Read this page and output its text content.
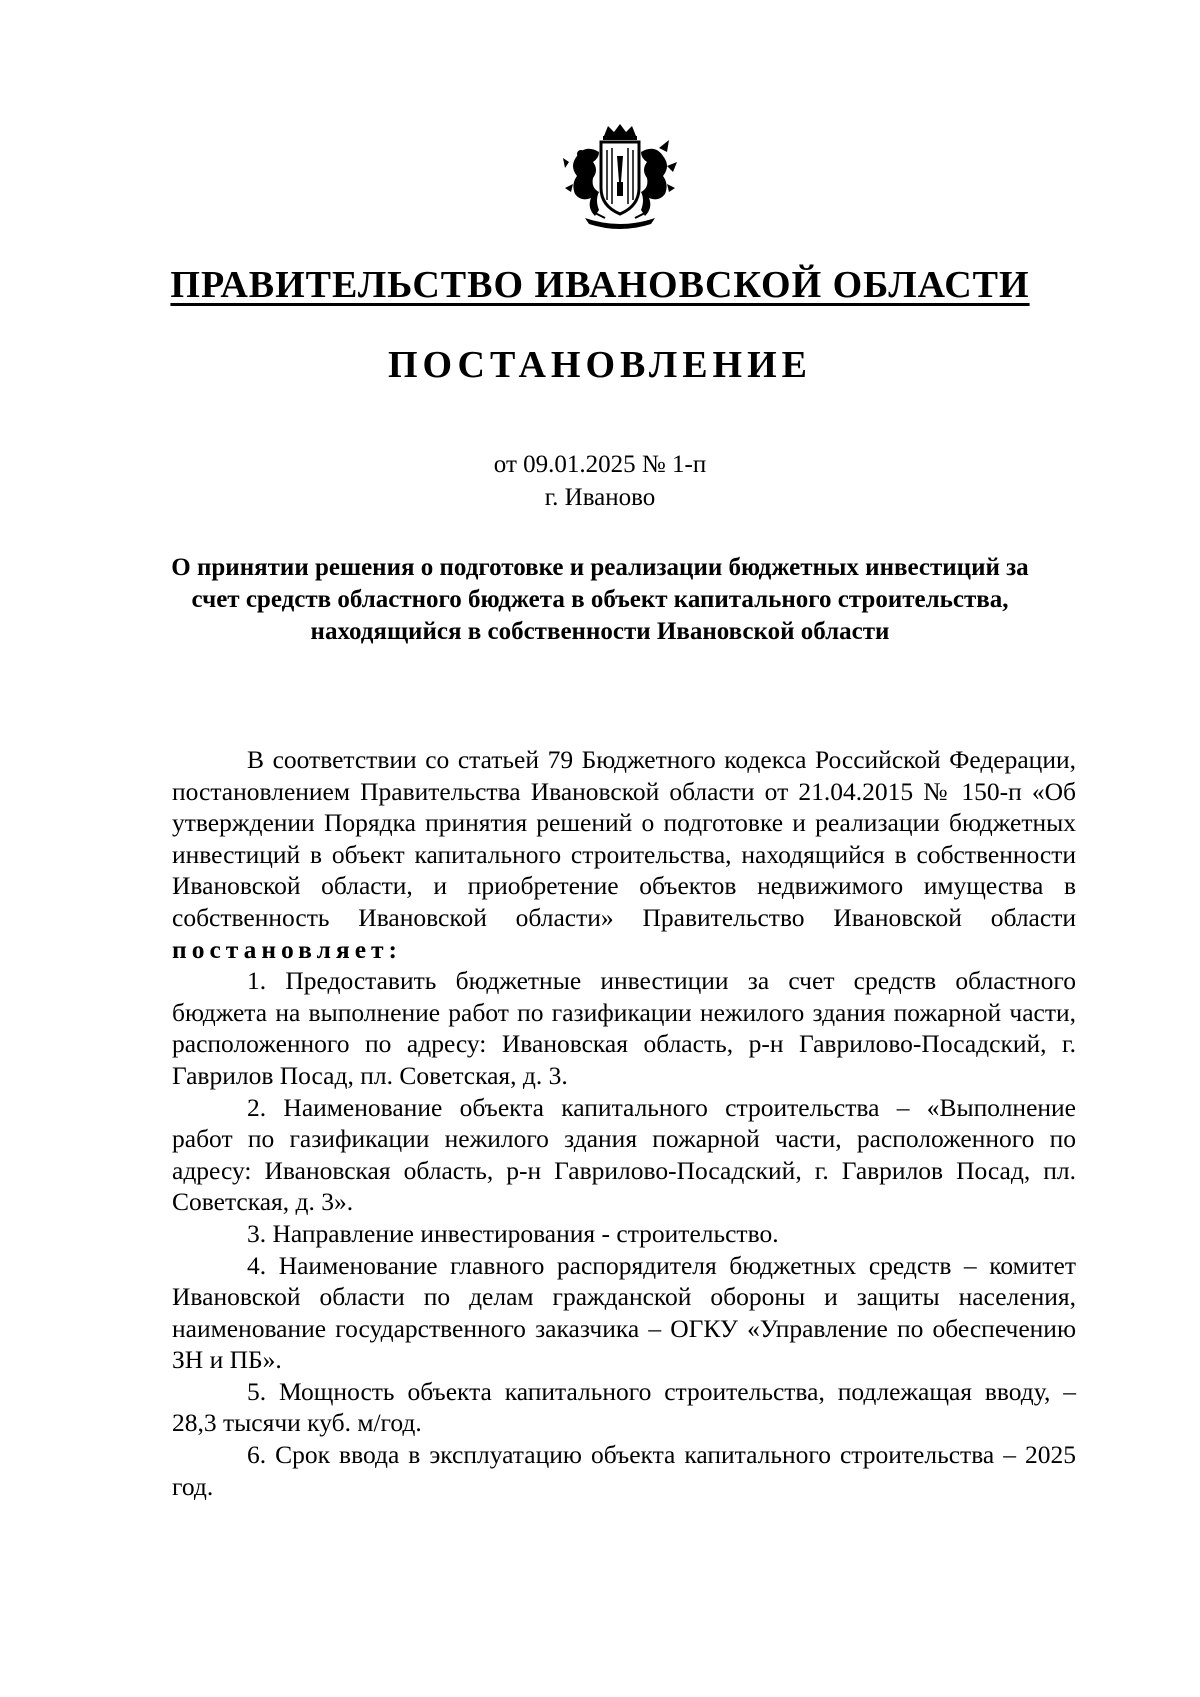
ПРАВИТЕЛЬСТВО ИВАНОВСКОЙ ОБЛАСТИ
ПОСТАНОВЛЕНИЕ
от 09.01.2025 № 1-п
г. Иваново
О принятии решения о подготовке и реализации бюджетных инвестиций за счет средств областного бюджета в объект капитального строительства, находящийся в собственности Ивановской области

В соответствии со статьей 79 Бюджетного кодекса Российской Федерации, постановлением Правительства Ивановской области от 21.04.2015 № 150-п «Об утверждении Порядка принятия решений о подготовке и реализации бюджетных инвестиций в объект капитального строительства, находящийся в собственности Ивановской области, и приобретение объектов недвижимого имущества в собственность Ивановской области» Правительство Ивановской области постановляет:

1. Предоставить бюджетные инвестиции за счет средств областного бюджета на выполнение работ по газификации нежилого здания пожарной части, расположенного по адресу: Ивановская область, р-н Гаврилово-Посадский, г. Гаврилов Посад, пл. Советская, д. 3.

2. Наименование объекта капитального строительства – «Выполнение работ по газификации нежилого здания пожарной части, расположенного по адресу: Ивановская область, р-н Гаврилово-Посадский, г. Гаврилов Посад, пл. Советская, д. 3».

3. Направление инвестирования - строительство.

4. Наименование главного распорядителя бюджетных средств – комитет Ивановской области по делам гражданской обороны и защиты населения, наименование государственного заказчика – ОГКУ «Управление по обеспечению ЗН и ПБ».

5. Мощность объекта капитального строительства, подлежащая вводу, – 28,3 тысячи куб. м/год.

6. Срок ввода в эксплуатацию объекта капитального строительства – 2025 год.
